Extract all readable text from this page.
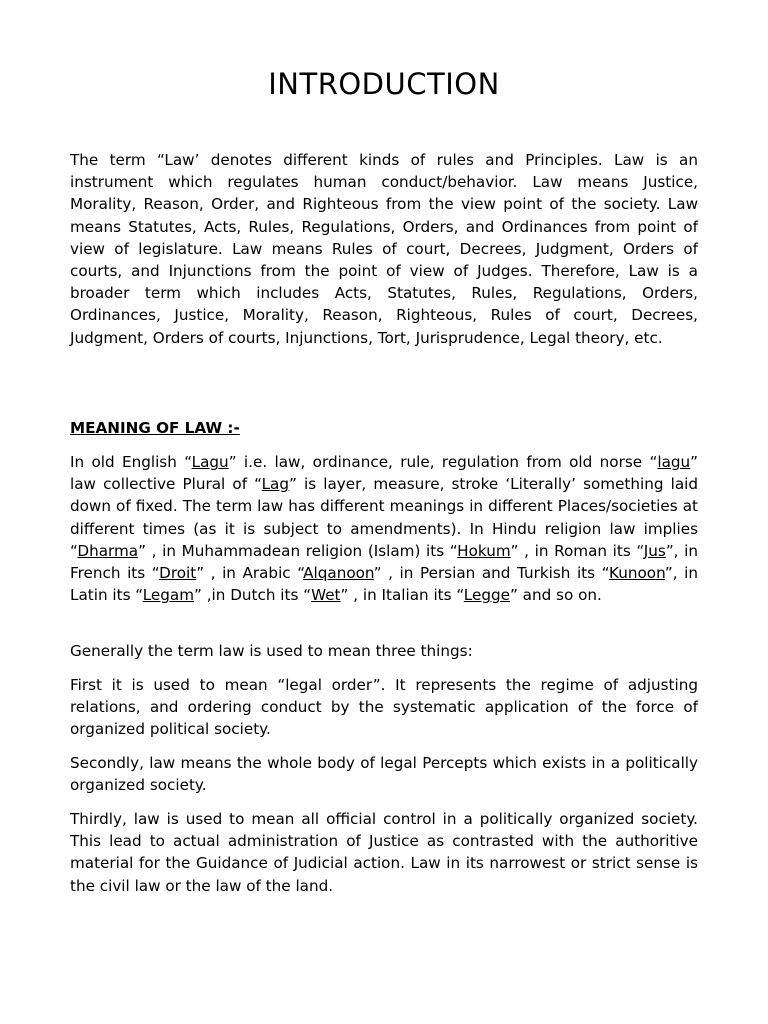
INTRODUCTION

The term “Law’ denotes different kinds of rules and Principles. Law is an instrument which regulates human conduct/behavior. Law means Justice, Morality, Reason, Order, and Righteous from the view point of the society. Law means Statutes, Acts, Rules, Regulations, Orders, and Ordinances from point of view of legislature. Law means Rules of court, Decrees, Judgment, Orders of courts, and Injunctions from the point of view of Judges. Therefore, Law is a broader term which includes Acts, Statutes, Rules, Regulations, Orders, Ordinances, Justice, Morality, Reason, Righteous, Rules of court, Decrees, Judgment, Orders of courts, Injunctions, Tort, Jurisprudence, Legal theory, etc.

MEANING OF LAW :-

In old English “Lagu” i.e. law, ordinance, rule, regulation from old norse “lagu” law collective Plural of “Lag” is layer, measure, stroke ‘Literally’ something laid down of fixed. The term law has different meanings in different Places/societies at different times (as it is subject to amendments). In Hindu religion law implies “Dharma” , in Muhammadean religion (Islam) its “Hokum” , in Roman its “Jus”, in French its “Droit” , in Arabic “Alqanoon” , in Persian and Turkish its “Kunoon”, in Latin its “Legam” ,in Dutch its “Wet” , in Italian its “Legge” and so on.

Generally the term law is used to mean three things:

First it is used to mean “legal order”. It represents the regime of adjusting relations, and ordering conduct by the systematic application of the force of organized political society.

Secondly, law means the whole body of legal Percepts which exists in a politically organized society.

Thirdly, law is used to mean all official control in a politically organized society. This lead to actual administration of Justice as contrasted with the authoritive material for the Guidance of Judicial action. Law in its narrowest or strict sense is the civil law or the law of the land.
